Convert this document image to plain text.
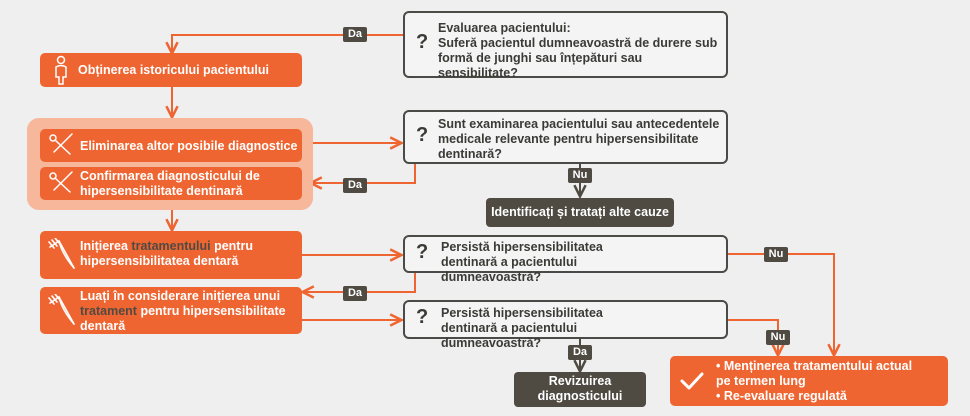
Da
Da
Nu
Da
Nu
Da
Nu
?
Evaluarea pacientului:
Suferă pacientul dumneavoastră de durere sub formă de junghi sau înțepături sau sensibilitate?
? Sunt examinarea pacientului sau antecedentele medicale relevante pentru hipersensibilitate dentinară?
? Persistă hipersensibilitatea dentinară a pacientului dumneavoastră?
? Persistă hipersensibilitatea dentinară a pacientului dumneavoastră?
Obținerea istoricului pacientului
Eliminarea altor posibile diagnostice
Confirmarea diagnosticului de hipersensibilitate dentinară
Inițierea tratamentului pentru hipersensibilitatea dentară
Luați în considerare inițierea unui tratament pentru hipersensibilitate dentară
Identificați și tratați alte cauze
Revizuirea diagnosticului
• Menținerea tratamentului actual pe termen lung
• Re-evaluare regulată
